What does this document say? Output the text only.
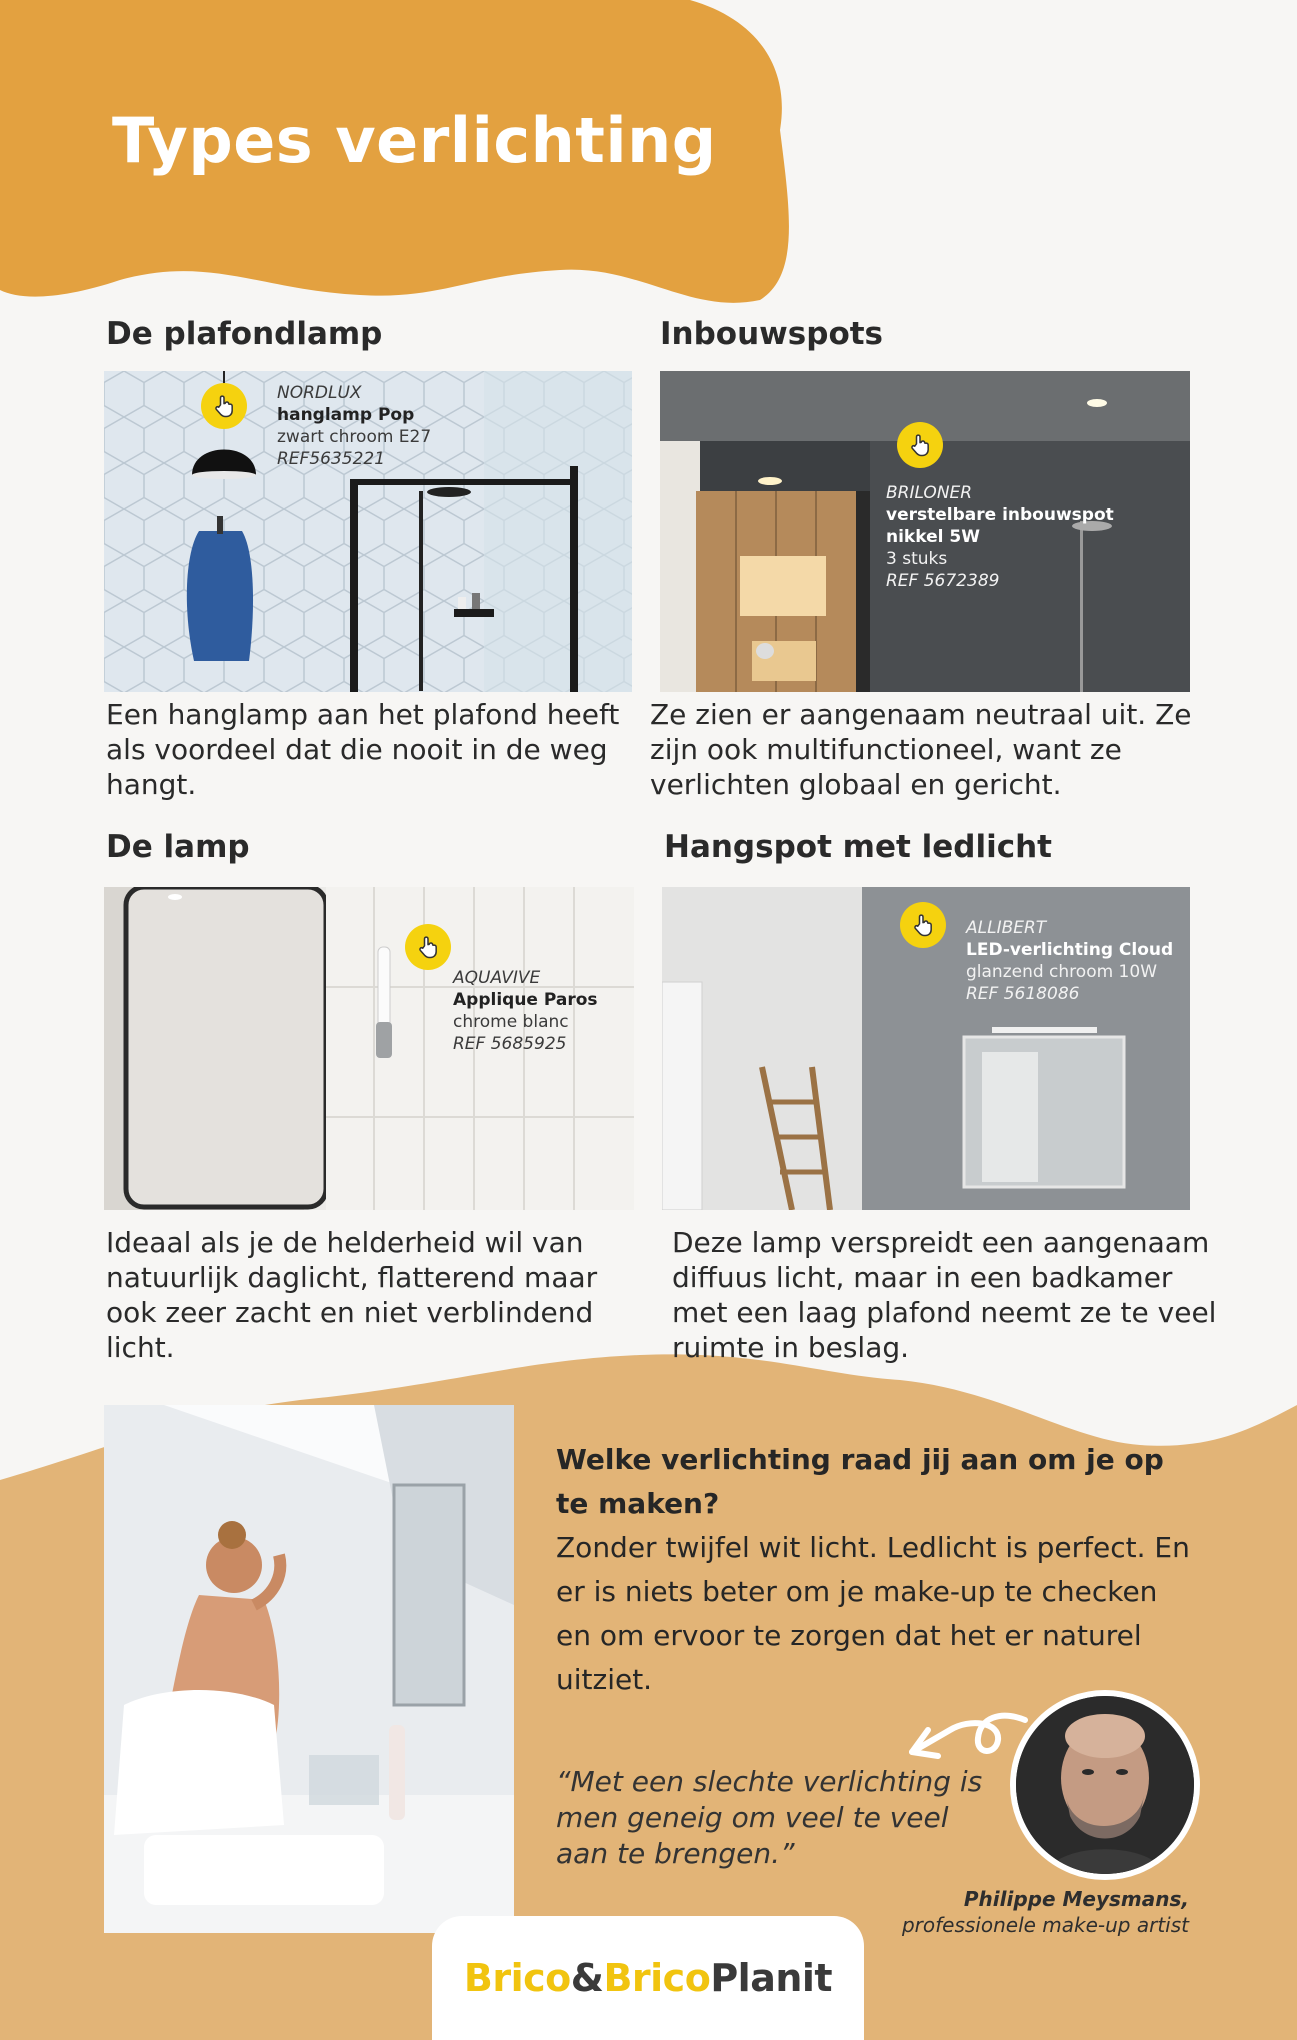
Types verlichting
De plafondlamp
NORDLUX
hanglamp Pop
zwart chroom E27
REF5635221

Een hanglamp aan het plafond heeft als voordeel dat die nooit in de weg hangt.

Inbouwspots
BRILONER
verstelbare inbouwspot
nikkel 5W
3 stuks
REF 5672389

Ze zien er aangenaam neutraal uit. Ze zijn ook multifunctioneel, want ze verlichten globaal en gericht.

De lamp
AQUAVIVE
Applique Paros
chrome blanc
REF 5685925

Ideaal als je de helderheid wil van natuurlijk daglicht, flatterend maar ook zeer zacht en niet verblindend licht.

Hangspot met ledlicht
ALLIBERT
LED-verlichting Cloud
glanzend chroom 10W
REF 5618086

Deze lamp verspreidt een aangenaam diffuus licht, maar in een badkamer met een laag plafond neemt ze te veel ruimte in beslag.

Welke verlichting raad jij aan om je op te maken?

Zonder twijfel wit licht. Ledlicht is perfect. En er is niets beter om je make-up te checken en om ervoor te zorgen dat het er naturel uitziet.

“Met een slechte verlichting is men geneig om veel te veel aan te brengen.”

Philippe Meysmans,
professionele make-up artist
Brico&BricoPlanit
